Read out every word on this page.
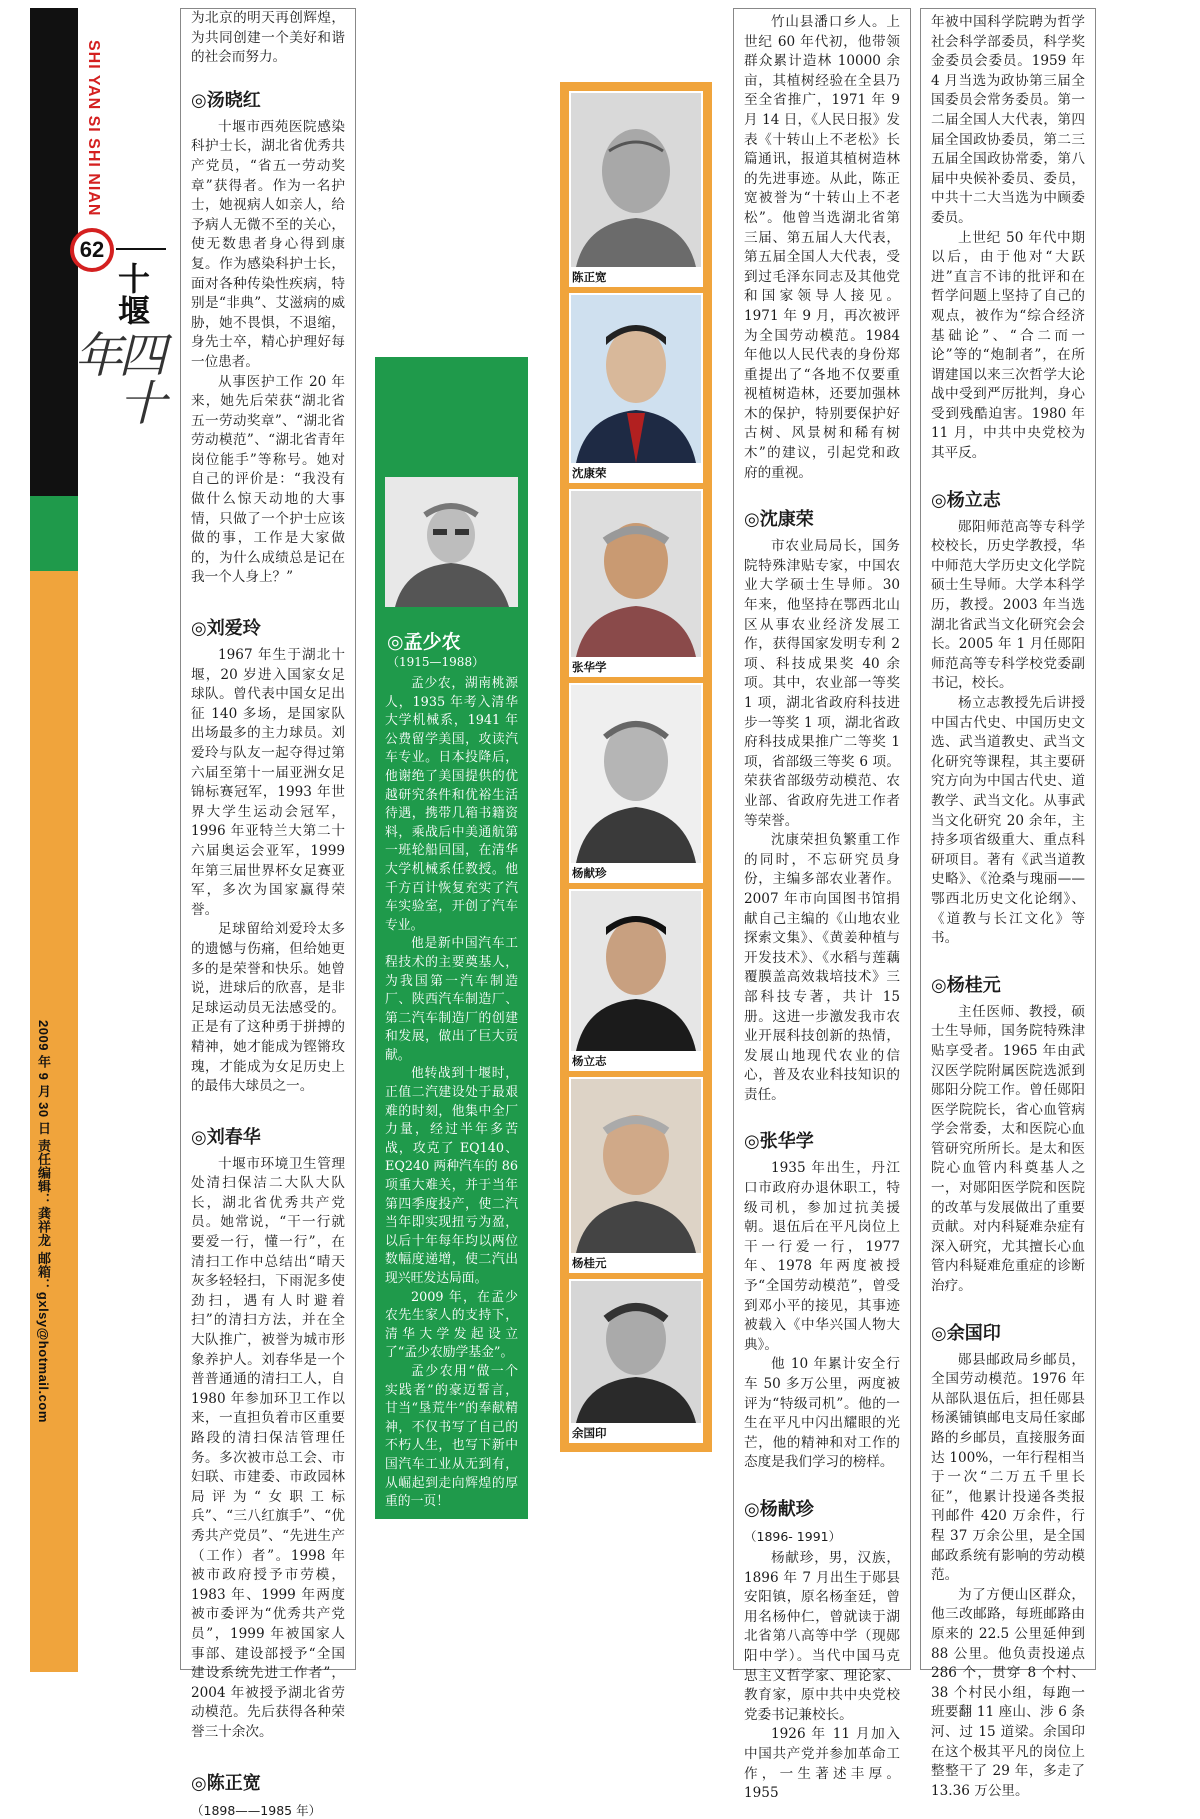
SHI YAN SI SHI NIAN
62
十堰
四十年
2009 年 9 月 30 日 责任编辑：龚祥龙 邮箱：gxlsy@hotmail.com

为北京的明天再创辉煌，为共同创建一个美好和谐的社会而努力。

◎汤晓红

十堰市西苑医院感染科护士长，湖北省优秀共产党员，“省五一劳动奖章”获得者。作为一名护士，她视病人如亲人，给予病人无微不至的关心，使无数患者身心得到康复。作为感染科护士长，面对各种传染性疾病，特别是“非典”、艾滋病的威胁，她不畏惧，不退缩，身先士卒，精心护理好每一位患者。

从事医护工作 20 年来，她先后荣获“湖北省五一劳动奖章”、“湖北省劳动模范”、“湖北省青年岗位能手”等称号。她对自己的评价是：“我没有做什么惊天动地的大事情，只做了一个护士应该做的事，工作是大家做的，为什么成绩总是记在我一个人身上？”

◎刘爱玲

1967 年生于湖北十堰，20 岁进入国家女足球队。曾代表中国女足出征 140 多场，是国家队出场最多的主力球员。刘爱玲与队友一起夺得过第六届至第十一届亚洲女足锦标赛冠军，1993 年世界大学生运动会冠军，1996 年亚特兰大第二十六届奥运会亚军，1999 年第三届世界杯女足赛亚军，多次为国家赢得荣誉。

足球留给刘爱玲太多的遗憾与伤痛，但给她更多的是荣誉和快乐。她曾说，进球后的欣喜，是非足球运动员无法感受的。正是有了这种勇于拼搏的精神，她才能成为铿锵玫瑰，才能成为女足历史上的最伟大球员之一。

◎刘春华

十堰市环境卫生管理处清扫保洁二大队大队长，湖北省优秀共产党员。她常说，“干一行就要爱一行，懂一行”，在清扫工作中总结出“晴天灰多轻轻扫，下雨泥多使劲扫，遇有人时避着扫”的清扫方法，并在全大队推广，被誉为城市形象养护人。刘春华是一个普普通通的清扫工人，自 1980 年参加环卫工作以来，一直担负着市区重要路段的清扫保洁管理任务。多次被市总工会、市妇联、市建委、市政园林局评为“女职工标兵”、“三八红旗手”、“优秀共产党员”、“先进生产（工作）者”。1998 年被市政府授予市劳模，1983 年、1999 年两度被市委评为“优秀共产党员”，1999 年被国家人事部、建设部授予“全国建设系统先进工作者”，2004 年被授予湖北省劳动模范。先后获得各种荣誉三十余次。

◎陈正宽
（1898——1985 年）
◎孟少农
（1915—1988）

孟少农，湖南桃源人，1935 年考入清华大学机械系，1941 年公费留学美国，攻读汽车专业。日本投降后，他谢绝了美国提供的优越研究条件和优裕生活待遇，携带几箱书籍资料，乘战后中美通航第一班轮船回国，在清华大学机械系任教授。他千方百计恢复充实了汽车实验室，开创了汽车专业。

他是新中国汽车工程技术的主要奠基人，为我国第一汽车制造厂、陕西汽车制造厂、第二汽车制造厂的创建和发展，做出了巨大贡献。

他转战到十堰时，正值二汽建设处于最艰难的时刻，他集中全厂力量，经过半年多苦战，攻克了 EQ140、EQ240 两种汽车的 86 项重大难关，并于当年第四季度投产，使二汽当年即实现扭亏为盈，以后十年每年均以两位数幅度递增，使二汽出现兴旺发达局面。

2009 年，在孟少农先生家人的支持下，清华大学发起设立了“孟少农励学基金”。

孟少农用“做一个实践者”的豪迈誓言，甘当“垦荒牛”的奉献精神，不仅书写了自己的不朽人生，也写下新中国汽车工业从无到有，从崛起到走向辉煌的厚重的一页！

陈正宽
沈康荣
张华学
杨献珍
杨立志
杨桂元
余国印

竹山县潘口乡人。上世纪 60 年代初，他带领群众累计造林 10000 余亩，其植树经验在全县乃至全省推广，1971 年 9 月 14 日，《人民日报》发表《十转山上不老松》长篇通讯，报道其植树造林的先进事迹。从此，陈正宽被誉为“十转山上不老松”。他曾当选湖北省第三届、第五届人大代表，第五届全国人大代表，受到过毛泽东同志及其他党和国家领导人接见。1971 年 9 月，再次被评为全国劳动模范。1984 年他以人民代表的身份郑重提出了“各地不仅要重视植树造林，还要加强林木的保护，特别要保护好古树、风景树和稀有树木”的建议，引起党和政府的重视。

◎沈康荣

市农业局局长，国务院特殊津贴专家，中国农业大学硕士生导师。30 年来，他坚持在鄂西北山区从事农业经济发展工作，获得国家发明专利 2 项、科技成果奖 40 余项。其中，农业部一等奖 1 项，湖北省政府科技进步一等奖 1 项，湖北省政府科技成果推广二等奖 1 项，省部级三等奖 6 项。荣获省部级劳动模范、农业部、省政府先进工作者等荣誉。

沈康荣担负繁重工作的同时，不忘研究员身份，主编多部农业著作。2007 年市向国图书馆捐献自己主编的《山地农业探索文集》、《黄姜种植与开发技术》、《水稻与莲藕覆膜盖高效栽培技术》三部科技专著，共计 15 册。这进一步激发我市农业开展科技创新的热情，发展山地现代农业的信心，普及农业科技知识的责任。

◎张华学

1935 年出生，丹江口市政府办退休职工，特级司机，参加过抗美援朝。退伍后在平凡岗位上干一行爱一行，1977 年、1978 年两度被授予“全国劳动模范”，曾受到邓小平的接见，其事迹被载入《中华兴国人物大典》。

他 10 年累计安全行车 50 多万公里，两度被评为“特级司机”。他的一生在平凡中闪出耀眼的光芒，他的精神和对工作的态度是我们学习的榜样。

◎杨献珍
（1896- 1991）

杨献珍，男，汉族，1896 年 7 月出生于郧县安阳镇，原名杨奎廷，曾用名杨仲仁，曾就读于湖北省第八高等中学（现郧阳中学）。当代中国马克思主义哲学家、理论家、教育家，原中共中央党校党委书记兼校长。

1926 年 11 月加入中国共产党并参加革命工作，一生著述丰厚。1955

年被中国科学院聘为哲学社会科学部委员，科学奖金委员会委员。1959 年 4 月当选为政协第三届全国委员会常务委员。第一二届全国人大代表，第四届全国政协委员，第二三五届全国政协常委，第八届中央候补委员、委员，中共十二大当选为中顾委委员。

上世纪 50 年代中期以后，由于他对“大跃进”直言不讳的批评和在哲学问题上坚持了自己的观点，被作为“综合经济基础论”、“合二而一论”等的“炮制者”，在所谓建国以来三次哲学大论战中受到严厉批判，身心受到残酷迫害。1980 年 11 月，中共中央党校为其平反。

◎杨立志

郧阳师范高等专科学校校长，历史学教授，华中师范大学历史文化学院硕士生导师。大学本科学历，教授。2003 年当选湖北省武当文化研究会会长。2005 年 1 月任郧阳师范高等专科学校党委副书记，校长。

杨立志教授先后讲授中国古代史、中国历史文选、武当道教史、武当文化研究等课程，其主要研究方向为中国古代史、道教学、武当文化。从事武当文化研究 20 余年，主持多项省级重大、重点科研项目。著有《武当道教史略》、《沧桑与瑰丽——鄂西北历史文化论纲》、《道教与长江文化》等书。

◎杨桂元

主任医师、教授，硕士生导师，国务院特殊津贴享受者。1965 年由武汉医学院附属医院选派到郧阳分院工作。曾任郧阳医学院院长，省心血管病学会常委，太和医院心血管研究所所长。是太和医院心血管内科奠基人之一，对郧阳医学院和医院的改革与发展做出了重要贡献。对内科疑难杂症有深入研究，尤其擅长心血管内科疑难危重症的诊断治疗。

◎余国印

郧县邮政局乡邮员，全国劳动模范。1976 年从部队退伍后，担任郧县杨溪铺镇邮电支局任家邮路的乡邮员，直接服务面达 100%，一年行程相当于一次“二万五千里长征”，他累计投递各类报刊邮件 420 万余件，行程 37 万余公里，是全国邮政系统有影响的劳动模范。

为了方便山区群众，他三改邮路，每班邮路由原来的 22.5 公里延伸到 88 公里。他负责投递点 286 个，贯穿 8 个村、38 个村民小组，每跑一班要翻 11 座山、涉 6 条河、过 15 道梁。余国印在这个极其平凡的岗位上整整干了 29 年，多走了 13.36 万公里。
